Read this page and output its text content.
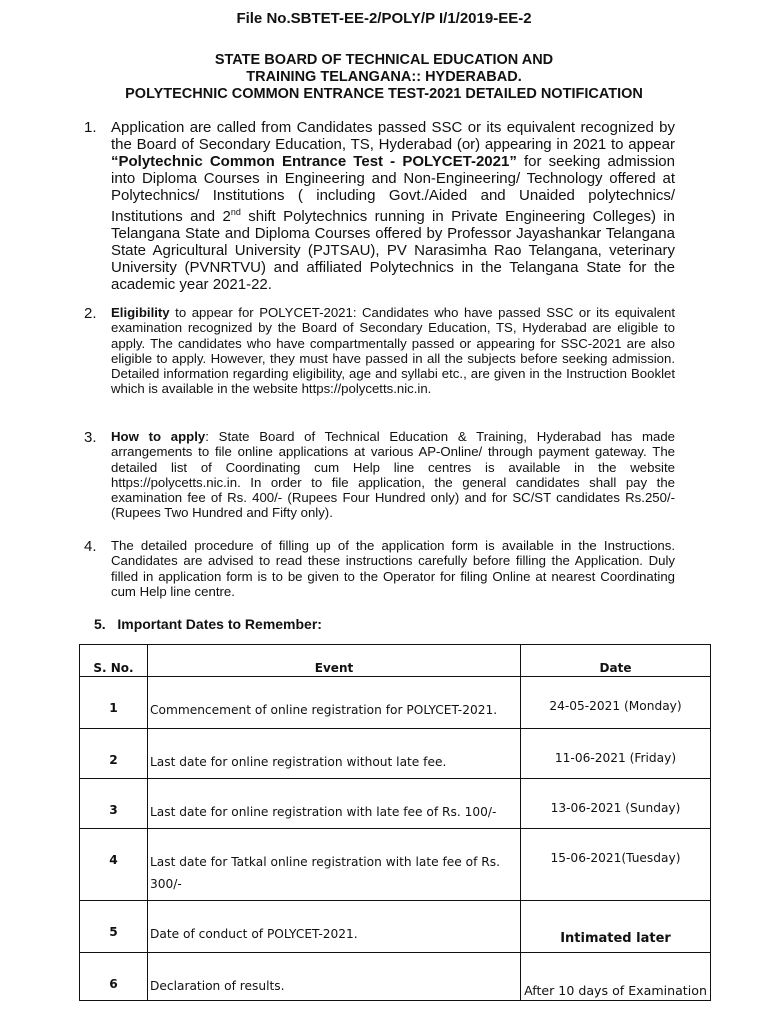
File No.SBTET-EE-2/POLY/P I/1/2019-EE-2
STATE BOARD OF TECHNICAL EDUCATION AND
TRAINING TELANGANA:: HYDERABAD.
POLYTECHNIC COMMON ENTRANCE TEST-2021 DETAILED NOTIFICATION
1. Application are called from Candidates passed SSC or its equivalent recognized by the Board of Secondary Education, TS, Hyderabad (or) appearing in 2021 to appear “Polytechnic Common Entrance Test - POLYCET-2021” for seeking admission into Diploma Courses in Engineering and Non-Engineering/ Technology offered at Polytechnics/ Institutions ( including Govt./Aided and Unaided polytechnics/ Institutions and 2nd shift Polytechnics running in Private Engineering Colleges) in Telangana State and Diploma Courses offered by Professor Jayashankar Telangana State Agricultural University (PJTSAU), PV Narasimha Rao Telangana, veterinary University (PVNRTVU) and affiliated Polytechnics in the Telangana State for the academic year 2021-22.
2. Eligibility to appear for POLYCET-2021: Candidates who have passed SSC or its equivalent examination recognized by the Board of Secondary Education, TS, Hyderabad are eligible to apply. The candidates who have compartmentally passed or appearing for SSC-2021 are also eligible to apply. However, they must have passed in all the subjects before seeking admission. Detailed information regarding eligibility, age and syllabi etc., are given in the Instruction Booklet which is available in the website https://polycetts.nic.in.
3. How to apply: State Board of Technical Education & Training, Hyderabad has made arrangements to file online applications at various AP-Online/ through payment gateway. The detailed list of Coordinating cum Help line centres is available in the website https://polycetts.nic.in. In order to file application, the general candidates shall pay the examination fee of Rs. 400/- (Rupees Four Hundred only) and for SC/ST candidates Rs.250/- (Rupees Two Hundred and Fifty only).
4. The detailed procedure of filling up of the application form is available in the Instructions. Candidates are advised to read these instructions carefully before filling the Application. Duly filled in application form is to be given to the Operator for filing Online at nearest Coordinating cum Help line centre.
5. Important Dates to Remember:
S. No.	Event	Date
1	Commencement of online registration for POLYCET-2021.	24-05-2021 (Monday)
2	Last date for online registration without late fee.	11-06-2021 (Friday)
3	Last date for online registration with late fee of Rs. 100/-	13-06-2021 (Sunday)
4	Last date for Tatkal online registration with late fee of Rs. 300/-	15-06-2021(Tuesday)
5	Date of conduct of POLYCET-2021.	Intimated later
6	Declaration of results.	After 10 days of Examination
